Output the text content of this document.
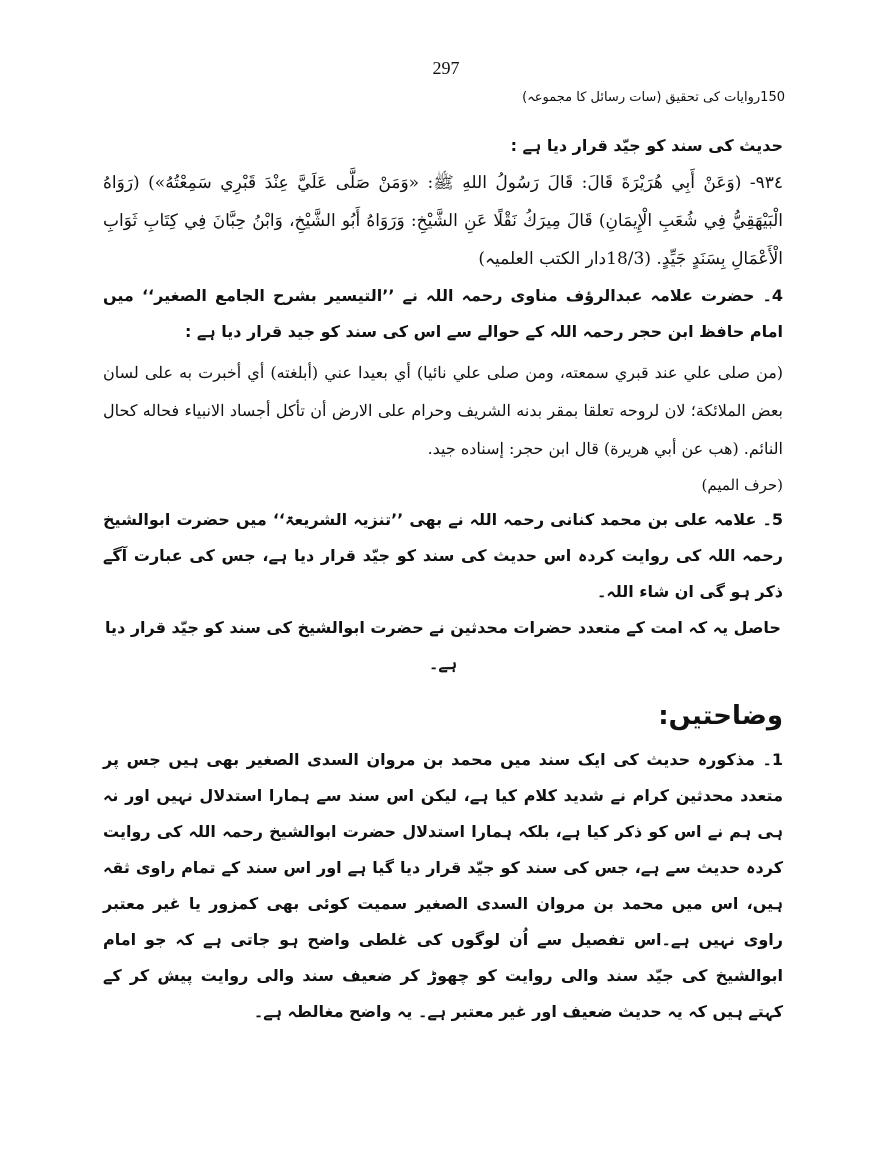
297
150روایات کی تحقیق (سات رسائل کا مجموعہ)

حدیث کی سند کو جیّد قرار دیا ہے :

٩٣٤- (وَعَنْ أَبِي هُرَيْرَةَ قَالَ: قَالَ رَسُولُ اللهِ ﷺ: «وَمَنْ صَلَّى عَلَيَّ عِنْدَ قَبْرِي سَمِعْتُهُ») (رَوَاهُ الْبَيْهَقِيُّ فِي شُعَبِ الْإِيمَانِ) قَالَ مِيرَكُ نَقْلًا عَنِ الشَّيْخِ: وَرَوَاهُ أَبُو الشَّيْخِ، وَابْنُ حِبَّانَ فِي كِتَابِ ثَوَابِ الْأَعْمَالِ بِسَنَدٍ جَيِّدٍ. (18/3دار الکتب العلمیہ)

4۔ حضرت علامہ عبدالرؤف مناوی رحمہ اللہ نے ’’التیسیر بشرح الجامع الصغیر‘‘ میں امام حافظ ابن حجر رحمہ اللہ کے حوالے سے اس کی سند کو جید قرار دیا ہے :

(من صلى علي عند قبري سمعته، ومن صلى علي نائيا) أي بعيدا عني (أبلغته) أي أخبرت به على لسان بعض الملائكة؛ لان لروحه تعلقا بمقر بدنه الشريف وحرام على الارض أن تأكل أجساد الانبياء فحاله كحال النائم. (هب عن أبي هريرة) قال ابن حجر: إسناده جيد.

(حرف الميم)

5۔ علامہ علی بن محمد کنانی رحمہ اللہ نے بھی ’’تنزیہ الشریعۃ‘‘ میں حضرت ابوالشیخ رحمہ اللہ کی روایت کردہ اس حدیث کی سند کو جیّد قرار دیا ہے، جس کی عبارت آگے ذکر ہو گی ان شاء اللہ۔

حاصل یہ کہ امت کے متعدد حضرات محدثین نے حضرت ابوالشیخ کی سند کو جیّد قرار دیا ہے۔

وضاحتیں:

1۔ مذکورہ حدیث کی ایک سند میں محمد بن مروان السدی الصغیر بھی ہیں جس پر متعدد محدثین کرام نے شدید کلام کیا ہے، لیکن اس سند سے ہمارا استدلال نہیں اور نہ ہی ہم نے اس کو ذکر کیا ہے، بلکہ ہمارا استدلال حضرت ابوالشیخ رحمہ اللہ کی روایت کردہ حدیث سے ہے، جس کی سند کو جیّد قرار دیا گیا ہے اور اس سند کے تمام راوی ثقہ ہیں، اس میں محمد بن مروان السدی الصغیر سمیت کوئی بھی کمزور یا غیر معتبر راوی نہیں ہے۔اس تفصیل سے اُن لوگوں کی غلطی واضح ہو جاتی ہے کہ جو امام ابوالشیخ کی جیّد سند والی روایت کو چھوڑ کر ضعیف سند والی روایت پیش کر کے کہتے ہیں کہ یہ حدیث ضعیف اور غیر معتبر ہے۔ یہ واضح مغالطہ ہے۔
